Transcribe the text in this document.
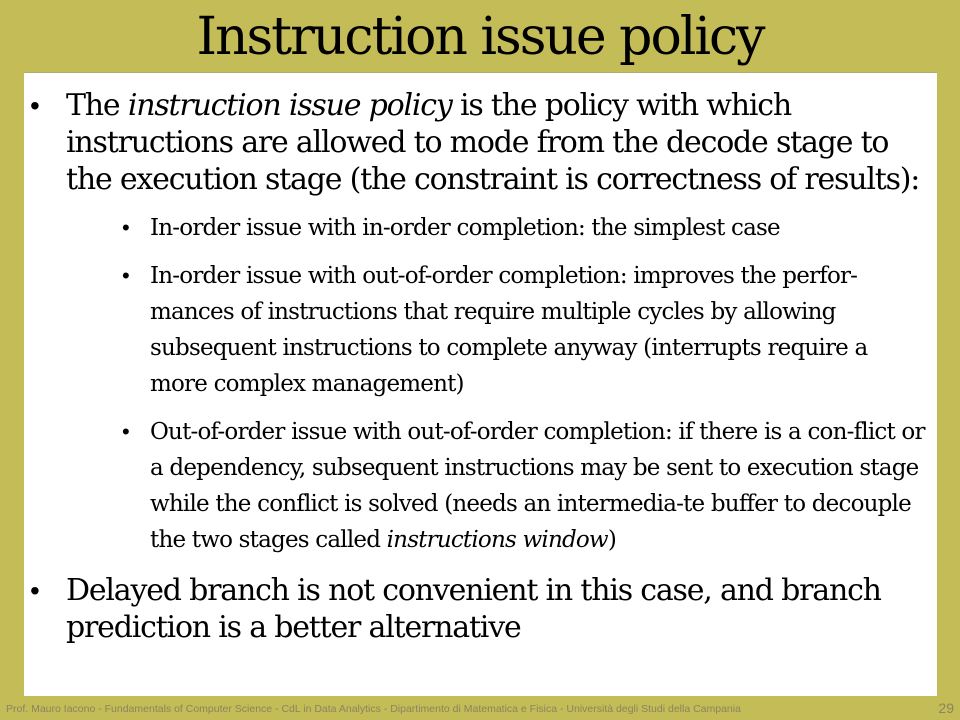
Instruction issue policy
• The instruction issue policy is the policy with which instructions are allowed to mode from the decode stage to the execution stage (the constraint is correctness of results):
• In-order issue with in-order completion: the simplest case
• In-order issue with out-of-order completion: improves the perfor-mances of instructions that require multiple cycles by allowing subsequent instructions to complete anyway (interrupts require a more complex management)
• Out-of-order issue with out-of-order completion: if there is a con-flict or a dependency, subsequent instructions may be sent to execution stage while the conflict is solved (needs an intermedia-te buffer to decouple the two stages called instructions window)
• Delayed branch is not convenient in this case, and branch prediction is a better alternative
Prof. Mauro Iacono - Fundamentals of Computer Science - CdL in Data Analytics - Dipartimento di Matematica e Fisica - Università degli Studi della Campania	29
